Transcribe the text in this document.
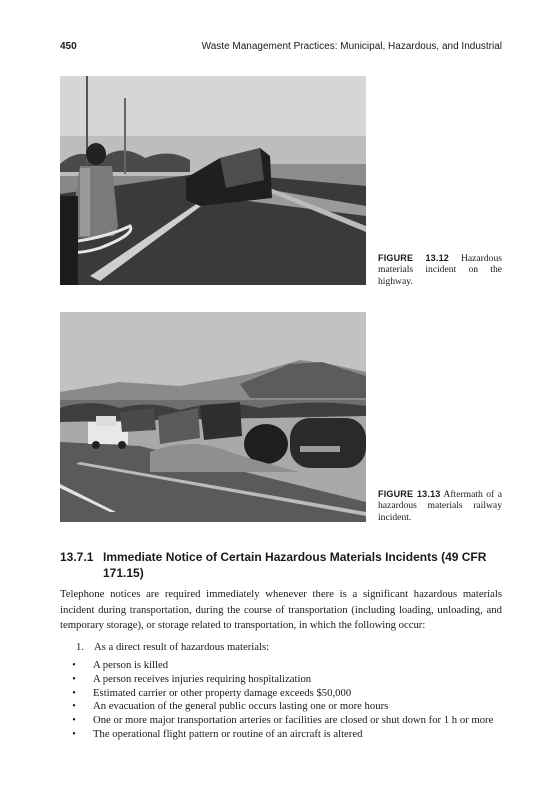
450	Waste Management Practices: Municipal, Hazardous, and Industrial
FIGURE 13.12 Hazardous materials incident on the highway.
FIGURE 13.13 Aftermath of a hazardous materials railway incident.
13.7.1 Immediate Notice of Certain Hazardous Materials Incidents (49 CFR 171.15)
Telephone notices are required immediately whenever there is a significant hazardous materials incident during transportation, during the course of transportation (including loading, unloading, and temporary storage), or storage related to transportation, in which the following occur:
1. As a direct result of hazardous materials:
•	A person is killed
•	A person receives injuries requiring hospitalization
•	Estimated carrier or other property damage exceeds $50,000
•	An evacuation of the general public occurs lasting one or more hours
•	One or more major transportation arteries or facilities are closed or shut down for 1 h or more
•	The operational flight pattern or routine of an aircraft is altered
